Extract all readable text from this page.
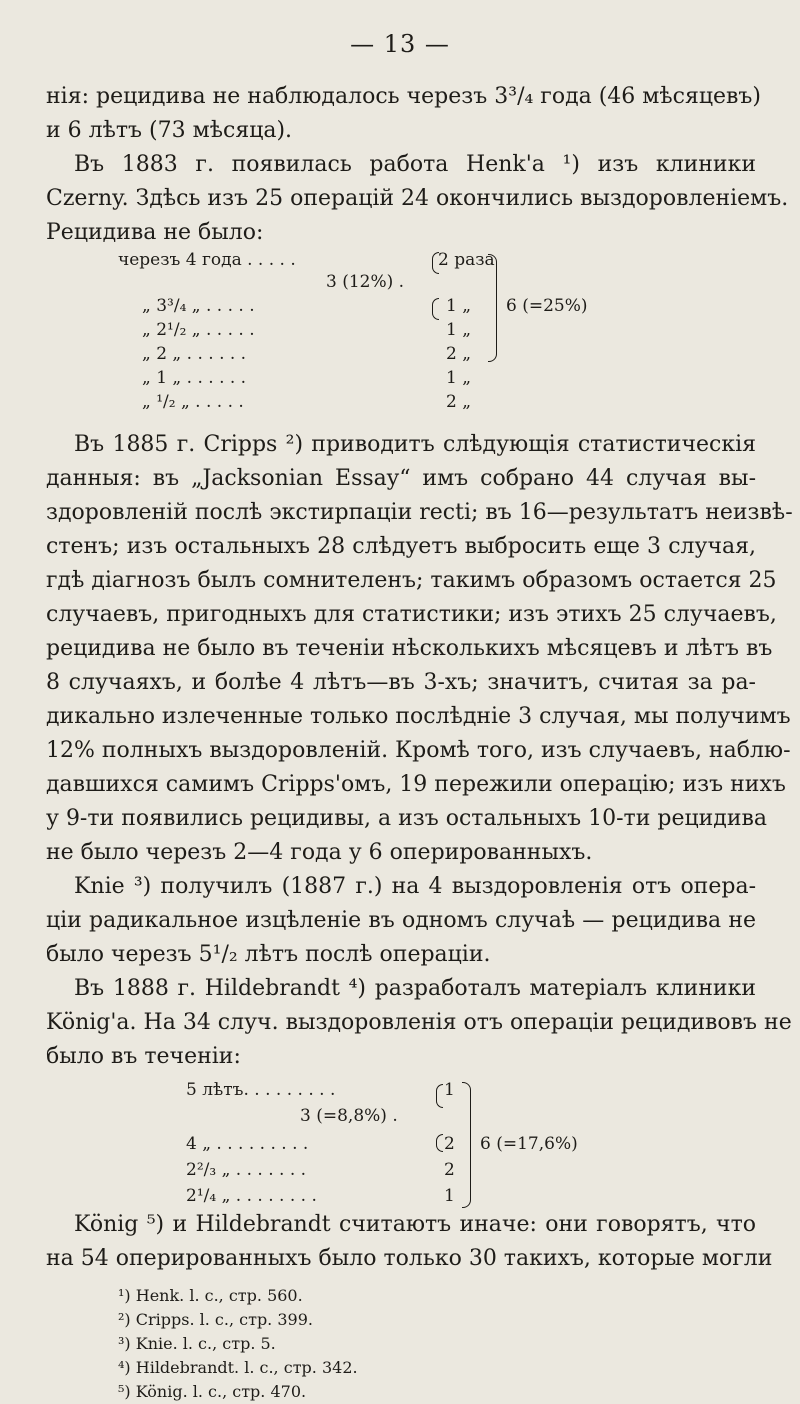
— 13 —
нія: рецидива не наблюдалось черезъ 3³/₄ года (46 мѣсяцевъ)
и 6 лѣтъ (73 мѣсяца).
Въ 1883 г. появилась работа Henk'а ¹) изъ клиники
Czerny. Здѣсь изъ 25 операцій 24 окончились выздоровленіемъ.
Рецидива не было:
черезъ 4 года . . . . .
3 (12%) .
„ 3³/₄ „ . . . . .
„ 2¹/₂ „ . . . . .
„ 2 „ . . . . . .
„ 1 „ . . . . . .
„ ¹/₂ „ . . . . .
2 раза
1 „
1 „
2 „
1 „
2 „
6 (=25%)
Въ 1885 г. Cripps ²) приводитъ слѣдующія статистическія
данныя: въ „Jacksonian Essay“ имъ собрано 44 случая вы-
здоровленій послѣ экстирпаціи recti; въ 16—результатъ неизвѣ-
стенъ; изъ остальныхъ 28 слѣдуетъ выбросить еще 3 случая,
гдѣ діагнозъ былъ сомнителенъ; такимъ образомъ остается 25
случаевъ, пригодныхъ для статистики; изъ этихъ 25 случаевъ,
рецидива не было въ теченіи нѣсколькихъ мѣсяцевъ и лѣтъ въ
8 случаяхъ, и болѣе 4 лѣтъ—въ 3-хъ; значитъ, считая за ра-
дикально излеченные только послѣдніе 3 случая, мы получимъ
12% полныхъ выздоровленій. Кромѣ того, изъ случаевъ, наблю-
давшихся самимъ Cripps'омъ, 19 пережили операцію; изъ нихъ
у 9-ти появились рецидивы, а изъ остальныхъ 10-ти рецидива
не было черезъ 2—4 года у 6 оперированныхъ.
Knie ³) получилъ (1887 г.) на 4 выздоровленія отъ опера-
ціи радикальное изцѣленіе въ одномъ случаѣ — рецидива не
было черезъ 5¹/₂ лѣтъ послѣ операціи.
Въ 1888 г. Hildebrandt ⁴) разработалъ матеріалъ клиники
König'а. На 34 случ. выздоровленія отъ операціи рецидивовъ не
было въ теченіи:
5 лѣтъ. . . . . . . . .
3 (=8,8%) .
4 „ . . . . . . . . .
2²/₃ „ . . . . . . .
2¹/₄ „ . . . . . . . .
1
2
2
1
6 (=17,6%)
König ⁵) и Hildebrandt считаютъ иначе: они говорятъ, что
на 54 оперированныхъ было только 30 такихъ, которые могли
¹) Henk. l. c., стр. 560.
²) Cripps. l. c., стр. 399.
³) Knie. l. c., стр. 5.
⁴) Hildebrandt. l. c., стр. 342.
⁵) König. l. c., стр. 470.
